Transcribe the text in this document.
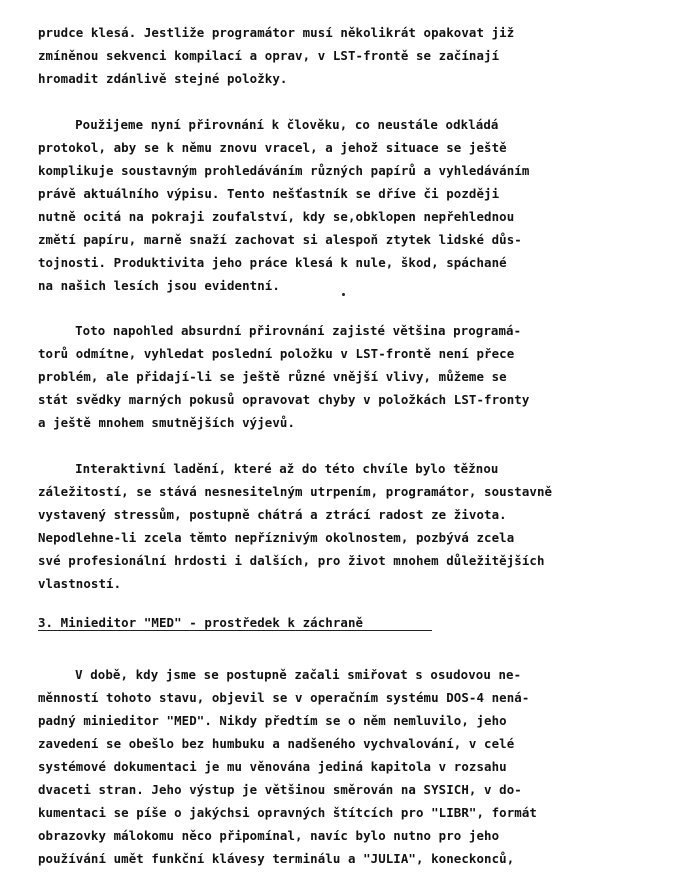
prudce klesá. Jestliže programátor musí několikrát opakovat již
zmíněnou sekvenci kompilací a oprav, v LST-frontě se začínají
hromadit zdánlivě stejné položky.
Použijeme nyní přirovnání k člověku, co neustále odkládá
protokol, aby se k němu znovu vracel, a jehož situace se ještě
komplikuje soustavným prohledáváním různých papírů a vyhledáváním
právě aktuálního výpisu. Tento nešťastník se dříve či později
nutně ocitá na pokraji zoufalství, kdy se,obklopen nepřehlednou
změtí papíru, marně snaží zachovat si alespoň ztytek lidské důs-
tojnosti. Produktivita jeho práce klesá k nule, škod, spáchané
na našich lesích jsou evidentní.
Toto napohled absurdní přirovnání zajisté většina programá-
torů odmítne, vyhledat poslední položku v LST-frontě není přece
problém, ale přidají-li se ještě různé vnější vlivy, můžeme se
stát svědky marných pokusů opravovat chyby v položkách LST-fronty
a ještě mnohem smutnějších výjevů.
Interaktivní ladění, které až do této chvíle bylo těžnou
záležitostí, se stává nesnesitelným utrpením, programátor, soustavně
vystavený stressům, postupně chátrá a ztrácí radost ze života.
Nepodlehne-li zcela těmto nepříznivým okolnostem, pozbývá zcela
své profesionální hrdosti i dalších, pro život mnohem důležitějších
vlastností.
3. Minieditor "MED" - prostředek k záchraně
V době, kdy jsme se postupně začali smiřovat s osudovou ne-
měnností tohoto stavu, objevil se v operačním systému DOS-4 nená-
padný minieditor "MED". Nikdy předtím se o něm nemluvilo, jeho
zavedení se obešlo bez humbuku a nadšeného vychvalování, v celé
systémové dokumentaci je mu věnována jediná kapitola v rozsahu
dvaceti stran. Jeho výstup je většinou směrován na SYSICH, v do-
kumentaci se píše o jakýchsi opravných štítcích pro "LIBR", formát
obrazovky málokomu něco připomínal, navíc bylo nutno pro jeho
používání umět funkční klávesy terminálu a "JULIA", koneckonců,
